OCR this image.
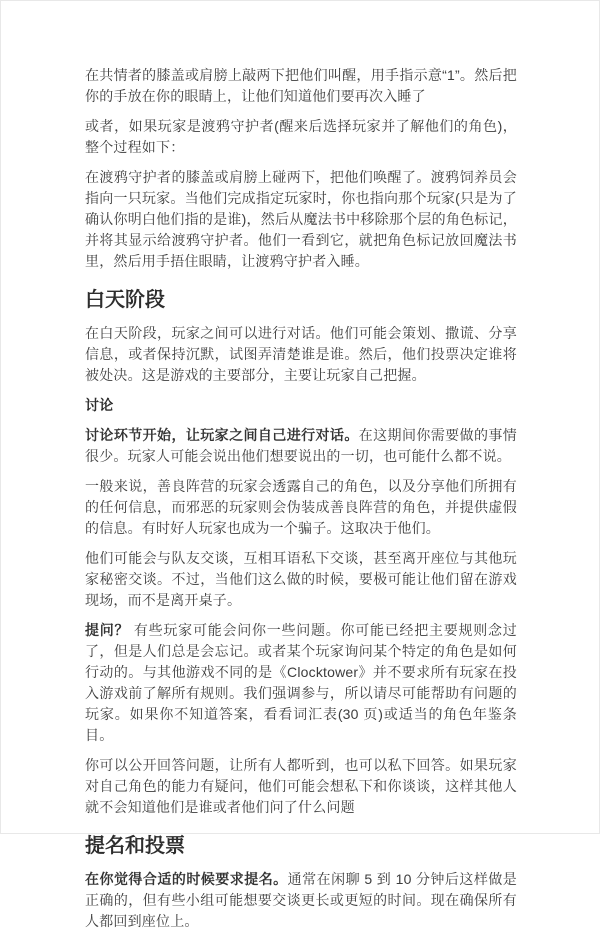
在共情者的膝盖或肩膀上敲两下把他们叫醒，用手指示意“1”。然后把你的手放在你的眼睛上，让他们知道他们要再次入睡了

或者，如果玩家是渡鸦守护者(醒来后选择玩家并了解他们的角色)，整个过程如下：

在渡鸦守护者的膝盖或肩膀上碰两下，把他们唤醒了。渡鸦饲养员会指向一只玩家。当他们完成指定玩家时，你也指向那个玩家(只是为了确认你明白他们指的是谁)，然后从魔法书中移除那个层的角色标记，并将其显示给渡鸦守护者。他们一看到它，就把角色标记放回魔法书里，然后用手捂住眼睛，让渡鸦守护者入睡。

白天阶段

在白天阶段，玩家之间可以进行对话。他们可能会策划、撒谎、分享信息，或者保持沉默，试图弄清楚谁是谁。然后，他们投票决定谁将被处决。这是游戏的主要部分，主要让玩家自己把握。

讨论

讨论环节开始，让玩家之间自己进行对话。在这期间你需要做的事情很少。玩家人可能会说出他们想要说出的一切，也可能什么都不说。

一般来说，善良阵营的玩家会透露自己的角色，以及分享他们所拥有的任何信息，而邪恶的玩家则会伪装成善良阵营的角色，并提供虚假的信息。有时好人玩家也成为一个骗子。这取决于他们。

他们可能会与队友交谈，互相耳语私下交谈，甚至离开座位与其他玩家秘密交谈。不过，当他们这么做的时候，要极可能让他们留在游戏现场，而不是离开桌子。

提问？ 有些玩家可能会问你一些问题。你可能已经把主要规则念过了，但是人们总是会忘记。或者某个玩家询问某个特定的角色是如何行动的。与其他游戏不同的是《Clocktower》并不要求所有玩家在投入游戏前了解所有规则。我们强调参与，所以请尽可能帮助有问题的玩家。如果你不知道答案，看看词汇表(30 页)或适当的角色年鉴条目。

你可以公开回答问题，让所有人都听到，也可以私下回答。如果玩家对自己角色的能力有疑问，他们可能会想私下和你谈谈，这样其他人就不会知道他们是谁或者他们问了什么问题

提名和投票

在你觉得合适的时候要求提名。通常在闲聊 5 到 10 分钟后这样做是正确的，但有些小组可能想要交谈更长或更短的时间。现在确保所有人都回到座位上。
